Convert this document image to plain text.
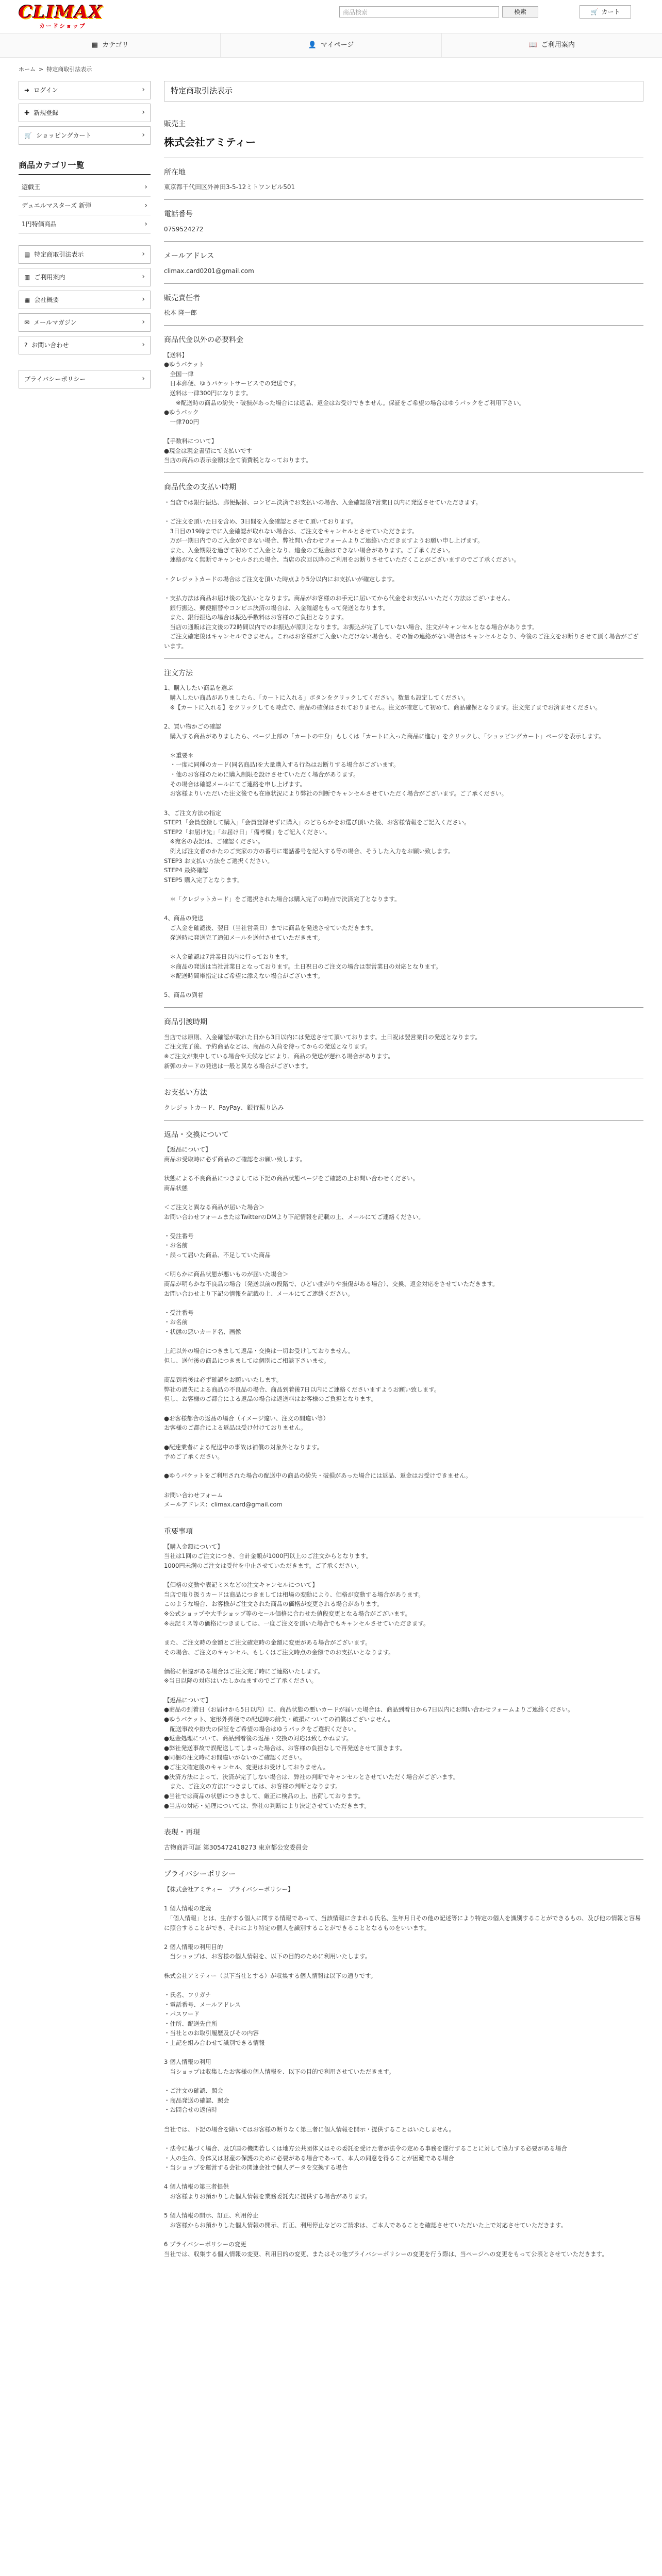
CLIMAX
カードショップ
商品検索	検索	🛒 カート
▦ カテゴリ	👤 マイページ	📖 ご利用案内
ホーム > 特定商取引法表示
➜ ログイン	›
✚ 新規登録	›
🛒 ショッピングカート	›
商品カテゴリ一覧
遊戯王	›
デュエルマスターズ 新弾	›
1円特価商品	›
▤ 特定商取引法表示	›
▥ ご利用案内	›
▦ 会社概要	›
✉ メールマガジン	›
? お問い合わせ	›
プライバシーポリシー	›
特定商取引法表示
販売主
株式会社アミティー
所在地
東京都千代田区外神田3-5-12ミトワンビル501
電話番号
0759524272
メールアドレス
climax.card0201@gmail.com
販売責任者
松本 隆一郎
商品代金以外の必要料金
【送料】
●ゆうパケット
　全国一律
　日本郵便、ゆうパケットサービスでの発送です。
　送料は一律300円になります。
　　※配送時の商品の紛失・破損があった場合には返品、返金はお受けできません。保証をご希望の場合はゆうパックをご利用下さい。
●ゆうパック
　一律700円

【手数料について】
●現金は現金書留にて支払いです
当店の商品の表示金額は全て消費税となっております。
商品代金の支払い時期
・当店では銀行振込、郵便振替、コンビニ決済でお支払いの場合、入金確認後7営業日以内に発送させていただきます。

・ご注文を頂いた日を含め、3日間を入金確認とさせて頂いております。
　3日目の19時までに入金確認が取れない場合は、ご注文をキャンセルとさせていただきます。
　万が一期日内でのご入金ができない場合、弊社問い合わせフォームよりご連絡いただきますようお願い申し上げます。
　また、入金期限を過ぎて初めてご入金となり、追金のご返金はできない場合があります。ご了承ください。
　連絡がなく無断でキャンセルされた場合、当店の次回以降のご利用をお断りさせていただくことがございますのでご了承ください。

・クレジットカードの場合はご注文を頂いた時点より5分以内にお支払いが確定します。

・支払方法は商品お届け後の先払いとなります。商品がお客様のお手元に届いてから代金をお支払いいただく方法はございません。
　銀行振込、郵便振替やコンビニ決済の場合は、入金確認をもって発送となります。
　また、銀行振込の場合は振込手数料はお客様のご負担となります。
　当店の通販は注文後の72時間以内でのお振込が原則となります。お振込が完了していない場合、注文がキャンセルとなる場合があります。
　ご注文確定後はキャンセルできません。これはお客様がご入金いただけない場合も、その旨の連絡がない場合はキャンセルとなり、今後のご注文をお断りさせて頂く場合がございます。
注文方法
1、購入したい商品を選ぶ
　購入したい商品がありましたら、「カートに入れる」ボタンをクリックしてください。数量も設定してください。
　※【カートに入れる】をクリックしても時点で、商品の確保はされておりません。注文が確定して初めて、商品確保となります。注文完了までお済ませください。

2、買い物かごの確認
　購入する商品がありましたら、ページ上部の「カートの中身」もしくは「カートに入った商品に進む」をクリックし、「ショッピングカート」ページを表示します。

　＊重要＊
　・一度に同種のカード(同名商品)を大量購入する行為はお断りする場合がございます。
　・他のお客様のために購入制限を設けさせていただく場合があります。
　その場合は確認メールにてご連絡を申し上げます。
　お客様よりいただいた注文後でも在庫状況により弊社の判断でキャンセルさせていただく場合がございます。ご了承ください。

3、ご注文方法の指定
STEP1「会員登録して購入」「会員登録せずに購入」のどちらかをお選び頂いた後、お客様情報をご記入ください。
STEP2「お届け先」「お届け日」「備考欄」をご記入ください。
　※宛名の表記は、ご確認ください。
　例えば注文者のかたのご実家の方の番号に電話番号を記入する等の場合、そうした入力をお願い致します。
STEP3 お支払い方法をご選択ください。
STEP4 最終確認
STEP5 購入完了となります。

　＊「クレジットカード」をご選択された場合は購入完了の時点で決済完了となります。

4、商品の発送
　ご入金を確認後、翌日（当社営業日）までに商品を発送させていただきます。
　発送時に発送完了通知メールを送付させていただきます。

　＊入金確認は7営業日以内に行っております。
　＊商品の発送は当社営業日となっております。土日祝日のご注文の場合は翌営業日の対応となります。
　＊配送時間帯指定はご希望に添えない場合がございます。

5、商品の到着
商品引渡時期
当店では原則、入金確認が取れた日から3日以内には発送させて頂いております。土日祝は翌営業日の発送となります。
ご注文完了後、予約商品などは、商品の入荷を待ってからの発送となります。
※ご注文が集中している場合や天候などにより、商品の発送が遅れる場合があります。
新弾のカードの発送は一般と異なる場合がございます。
お支払い方法
クレジットカード、PayPay、銀行振り込み
返品・交換について
【返品について】
商品お受取時に必ず商品のご確認をお願い致します。

状態による不良商品につきましては下記の商品状態ページをご確認の上お問い合わせください。
商品状態

＜ご注文と異なる商品が届いた場合＞
お問い合わせフォームまたはTwitterのDMより下記情報を記載の上、メールにてご連絡ください。

・受注番号
・お名前
・誤って届いた商品、不足していた商品

＜明らかに商品状態が悪いものが届いた場合＞
商品が明らかな不良品の場合（発送以前の段階で、ひどい曲がりや損傷がある場合）、交換、返金対応をさせていただきます。
お問い合わせより下記の情報を記載の上、メールにてご連絡ください。

・受注番号
・お名前
・状態の悪いカード名、画像

上記以外の場合につきまして返品・交換は一切お受けしておりません。
但し、送付後の商品につきましては個別にご相談下さいませ。

商品到着後は必ず確認をお願いいたします。
弊社の過失による商品の不良品の場合、商品到着後7日以内にご連絡くださいますようお願い致します。
但し、お客様のご都合による返品の場合は返送料はお客様のご負担となります。

●お客様都合の返品の場合（イメージ違い、注文の間違い等）
お客様のご都合による返品は受け付けておりません。

●配達業者による配送中の事故は補償の対象外となります。
予めご了承ください。

●ゆうパケットをご利用された場合の配送中の商品の紛失・破損があった場合には返品、返金はお受けできません。

お問い合わせフォーム
メールアドレス：climax.card@gmail.com
重要事項
【購入金額について】
当社は1回のご注文につき、合計金額が1000円以上のご注文からとなります。
1000円未満のご注文は受付を中止させていただきます。ご了承ください。

【価格の変動や表記ミスなどの注文キャンセルについて】
当店で取り扱うカードは商品につきましては相場の変動により、価格が変動する場合があります。
このような場合、お客様がご注文された商品の価格が変更される場合があります。
※公式ショップや大手ショップ等のセール価格に合わせた値段変更となる場合がございます。
※表記ミス等の価格につきましては、一度ご注文を頂いた場合でもキャンセルさせていただきます。

また、ご注文時の金額とご注文確定時の金額に変更がある場合がございます。
その場合、ご注文のキャンセル、もしくはご注文時点の金額でのお支払いとなります。

価格に相違がある場合はご注文完了時にご連絡いたします。
※当日以降の対応はいたしかねますのでご了承ください。

【返品について】
●商品の到着日（お届けから5日以内）に、商品状態の悪いカードが届いた場合は、商品到着日から7日以内にお問い合わせフォームよりご連絡ください。
●ゆうパケット、定形外郵便での配送時の紛失・破損についての補償はございません。
　配送事故や紛失の保証をご希望の場合はゆうパックをご選択ください。
●返金処理について、商品到着後の返品・交換の対応は致しかねます。
●弊社発送事故で誤配送してしまった場合は、お客様の負担なしで再発送させて頂きます。
●同梱の注文時にお間違いがないかご確認ください。
●ご注文確定後のキャンセル、変更はお受けしておりません。
●決済方法によって、決済が完了しない場合は、弊社の判断でキャンセルとさせていただく場合がございます。
　また、ご注文の方法につきましては、お客様の判断となります。
●当社では商品の状態につきまして、厳正に検品の上、出荷しております。
●当店の対応・処理については、弊社の判断により決定させていただきます。
表現・再現
古物商許可証 第305472418273 東京都公安委員会
プライバシーポリシー
【株式会社アミティー　プライバシーポリシー】

1 個人情報の定義
　「個人情報」とは、生存する個人に関する情報であって、当該情報に含まれる氏名、生年月日その他の記述等により特定の個人を識別することができるもの、及び他の情報と容易に照合することができ、それにより特定の個人を識別することができることとなるものをいいます。

2 個人情報の利用目的
　当ショップは、お客様の個人情報を、以下の目的のために利用いたします。

株式会社アミティー（以下当社とする）が収集する個人情報は以下の通りです。

・氏名、フリガナ
・電話番号、メールアドレス
・パスワード
・住所、配送先住所
・当社とのお取引履歴及びその内容
・上記を組み合わせて識別できる情報

3 個人情報の利用
　当ショップは収集したお客様の個人情報を、以下の目的で利用させていただきます。

・ご注文の確認、照会
・商品発送の確認、照会
・お問合せの返信時

当社では、下記の場合を除いてはお客様の断りなく第三者に個人情報を開示・提供することはいたしません。

・法令に基づく場合、及び国の機関若しくは地方公共団体又はその委託を受けた者が法令の定める事務を遂行することに対して協力する必要がある場合
・人の生命、身体又は財産の保護のために必要がある場合であって、本人の同意を得ることが困難である場合
・当ショップを運営する会社の関連会社で個人データを交換する場合

4 個人情報の第三者提供
　お客様よりお預かりした個人情報を業務委託先に提供する場合があります。

5 個人情報の開示、訂正、利用停止
　お客様からお預かりした個人情報の開示、訂正、利用停止などのご請求は、ご本人であることを確認させていただいた上で対応させていただきます。

6 プライバシーポリシーの変更
当社では、収集する個人情報の変更、利用目的の変更、またはその他プライバシーポリシーの変更を行う際は、当ページへの変更をもって公表とさせていただきます。
